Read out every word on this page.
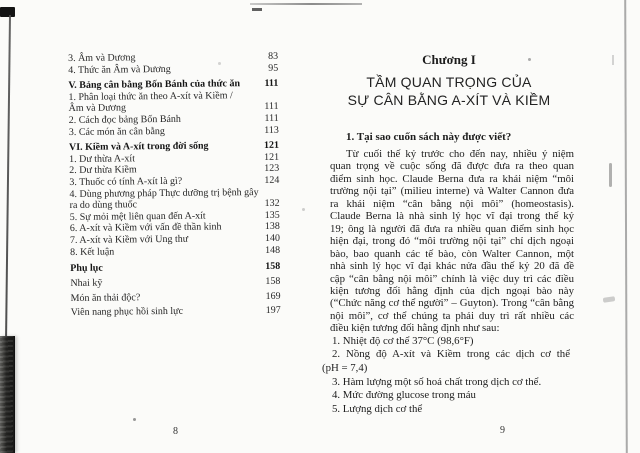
3. Âm và Dương	83
4. Thức ăn Âm và Dương	95
V. Bảng cân bằng Bốn Bánh của thức ăn	111
1. Phân loại thức ăn theo A-xít và Kiềm /
Âm và Dương	111
2. Cách đọc bảng Bốn Bánh	111
3. Các món ăn cân bằng	113
VI. Kiềm và A-xít trong đời sống	121
1. Dư thừa A-xít	121
2. Dư thừa Kiềm	123
3. Thuốc có tính A-xít là gì?	124
4. Dùng phương pháp Thực dưỡng trị bệnh gây
ra do dùng thuốc	132
5. Sự mỏi mệt liên quan đến A-xít	135
6. A-xít và Kiềm với vấn đề thần kinh	138
7. A-xít và Kiềm với Ung thư	140
8. Kết luận	148
Phụ lục	158
Nhai kỹ	158
Món ăn thải độc?	169
Viên nang phục hồi sinh lực	197
8
Chương I
TẦM QUAN TRỌNG CỦA
SỰ CÂN BẰNG A-XÍT VÀ KIỀM
1. Tại sao cuốn sách này được viết?
Từ cuối thế kỷ trước cho đến nay, nhiều ý niệm
quan trọng về cuộc sống đã được đưa ra theo quan
điểm sinh học. Claude Berna đưa ra khái niệm “môi
trường nội tại” (milieu interne) và Walter Cannon đưa
ra khái niệm “cân bằng nội môi” (homeostasis).
Claude Berna là nhà sinh lý học vĩ đại trong thế kỷ
19; ông là người đã đưa ra nhiều quan điểm sinh học
hiện đại, trong đó “môi trường nội tại” chỉ dịch ngoại
bào, bao quanh các tế bào, còn Walter Cannon, một
nhà sinh lý học vĩ đại khác nửa đầu thế kỷ 20 đã đề
cập “cân bằng nội môi” chính là việc duy trì các điều
kiện tương đối hằng định của dịch ngoại bào này
(“Chức năng cơ thể người” – Guyton). Trong “cân bằng
nội môi”, cơ thể chúng ta phải duy trì rất nhiều các
điều kiện tương đối hằng định như sau:
1. Nhiệt độ cơ thể 37°C (98,6°F)
2. Nồng độ A-xít và Kiềm trong các dịch cơ thể
(pH = 7,4)
3. Hàm lượng một số hoá chất trong dịch cơ thể.
4. Mức đường glucose trong máu
5. Lượng dịch cơ thể
9
